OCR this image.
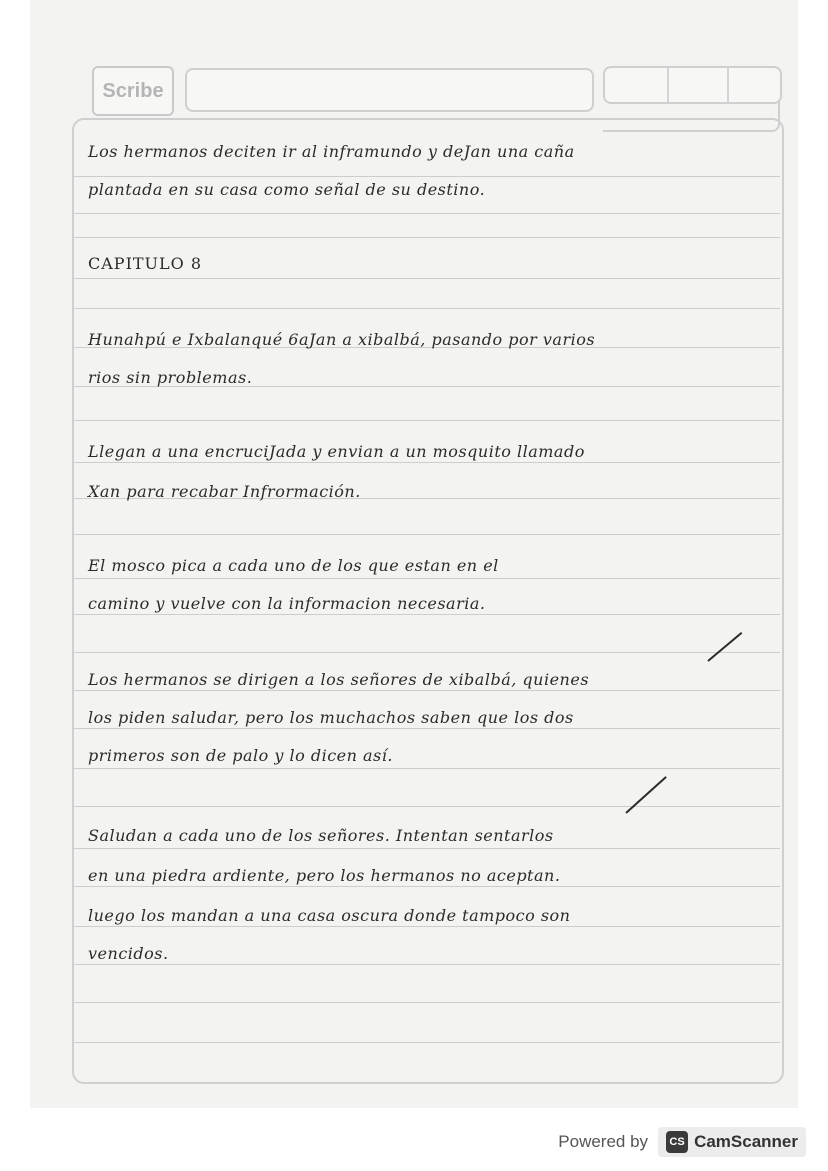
Scribe
Los hermanos deciten ir al inframundo y deJan una caña
plantada en su casa como señal de su destino.
CAPITULO 8
Hunahpú e Ixbalanqué 6aJan a xibalbá, pasando por varios
rios sin problemas.
Llegan a una encruciJada y envian a un mosquito llamado
Xan para recabar Infrormación.
El mosco pica a cada uno de los que estan en el
camino y vuelve con la informacion necesaria.
Los hermanos se dirigen a los señores de xibalbá, quienes
los piden saludar, pero los muchachos saben que los dos
primeros son de palo y lo dicen así.
Saludan a cada uno de los señores. Intentan sentarlos
en una piedra ardiente, pero los hermanos no aceptan.
luego los mandan a una casa oscura donde tampoco son
vencidos.
Powered by	CS CamScanner
